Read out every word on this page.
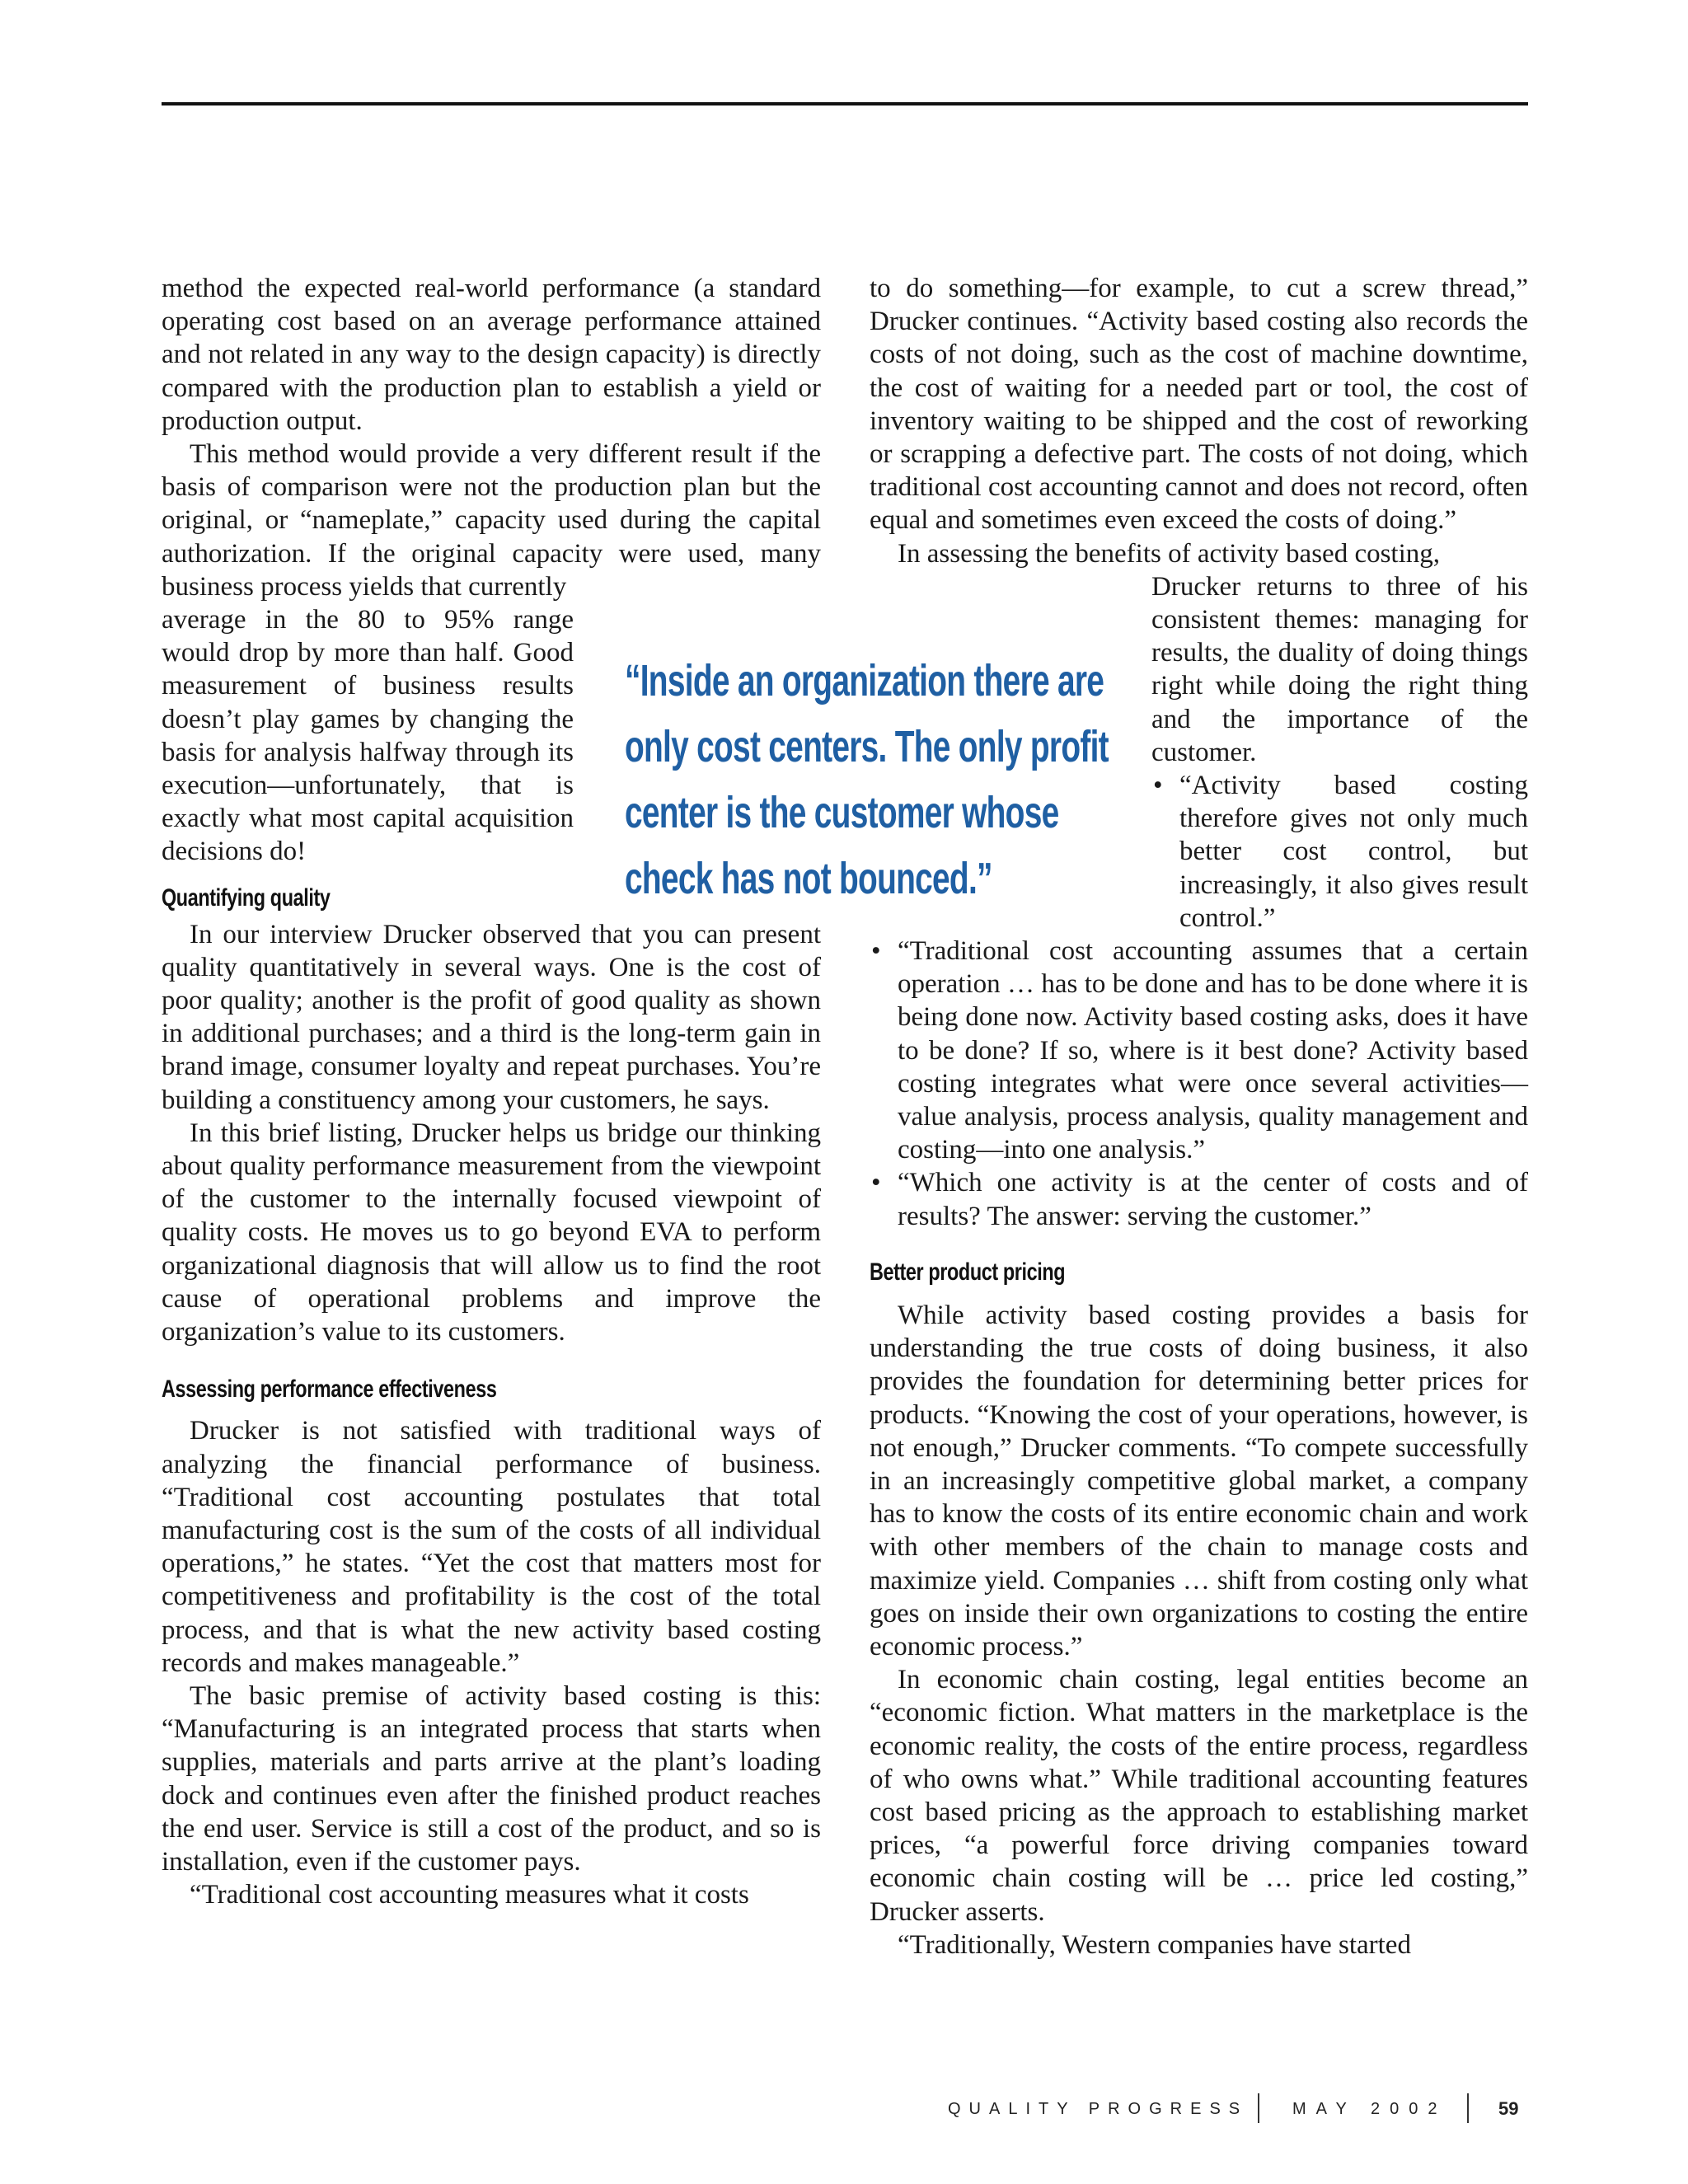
method the expected real-world performance (a standard operating cost based on an average performance attained and not related in any way to the design capacity) is directly compared with the production plan to establish a yield or production output.

This method would provide a very different result if the basis of comparison were not the production plan but the original, or “nameplate,” capacity used during the capital authorization. If the original capacity were used, many business process yields that currently

average in the 80 to 95% range would drop by more than half. Good measurement of business results doesn’t play games by changing the basis for analysis halfway through its execution—unfortunately, that is exactly what most capital acquisition decisions do!

Quantifying quality

In our interview Drucker observed that you can present quality quantitatively in several ways. One is the cost of poor quality; another is the profit of good quality as shown in additional purchases; and a third is the long-term gain in brand image, consumer loyalty and repeat purchases. You’re building a constituency among your customers, he says.

In this brief listing, Drucker helps us bridge our thinking about quality performance measurement from the viewpoint of the customer to the internally focused viewpoint of quality costs. He moves us to go beyond EVA to perform organizational diagnosis that will allow us to find the root cause of operational problems and improve the organization’s value to its customers.

Assessing performance effectiveness

Drucker is not satisfied with traditional ways of analyzing the financial performance of business. “Traditional cost accounting postulates that total manufacturing cost is the sum of the costs of all individual operations,” he states. “Yet the cost that matters most for competitiveness and profitability is the cost of the total process, and that is what the new activity based costing records and makes manageable.”

The basic premise of activity based costing is this: “Manufacturing is an integrated process that starts when supplies, materials and parts arrive at the plant’s loading dock and continues even after the finished product reaches the end user. Service is still a cost of the product, and so is installation, even if the customer pays.

“Traditional cost accounting measures what it costs

“Inside an organization there are
only cost centers. The only profit
center is the customer whose
check has not bounced.”

to do something—for example, to cut a screw thread,” Drucker continues. “Activity based costing also records the costs of not doing, such as the cost of machine downtime, the cost of waiting for a needed part or tool, the cost of inventory waiting to be shipped and the cost of reworking or scrapping a defective part. The costs of not doing, which traditional cost accounting cannot and does not record, often equal and sometimes even exceed the costs of doing.”

In assessing the benefits of activity based costing,

Drucker returns to three of his consistent themes: managing for results, the duality of doing things right while doing the right thing and the importance of the customer.

• “Activity based costing therefore gives not only much better cost control, but increasingly, it also gives result control.”
• “Traditional cost accounting assumes that a certain operation … has to be done and has to be done where it is being done now. Activity based costing asks, does it have to be done? If so, where is it best done? Activity based costing integrates what were once several activities—value analysis, process analysis, quality management and costing—into one analysis.”
• “Which one activity is at the center of costs and of results? The answer: serving the customer.”
Better product pricing

While activity based costing provides a basis for understanding the true costs of doing business, it also provides the foundation for determining better prices for products. “Knowing the cost of your operations, however, is not enough,” Drucker comments. “To compete successfully in an increasingly competitive global market, a company has to know the costs of its entire economic chain and work with other members of the chain to manage costs and maximize yield. Companies … shift from costing only what goes on inside their own organizations to costing the entire economic process.”

In economic chain costing, legal entities become an “economic fiction. What matters in the marketplace is the economic reality, the costs of the entire process, regardless of who owns what.” While traditional accounting features cost based pricing as the approach to establishing market prices, “a powerful force driving companies toward economic chain costing will be … price led costing,” Drucker asserts.

“Traditionally, Western companies have started

QUALITY PROGRESS	MAY 2002	59
